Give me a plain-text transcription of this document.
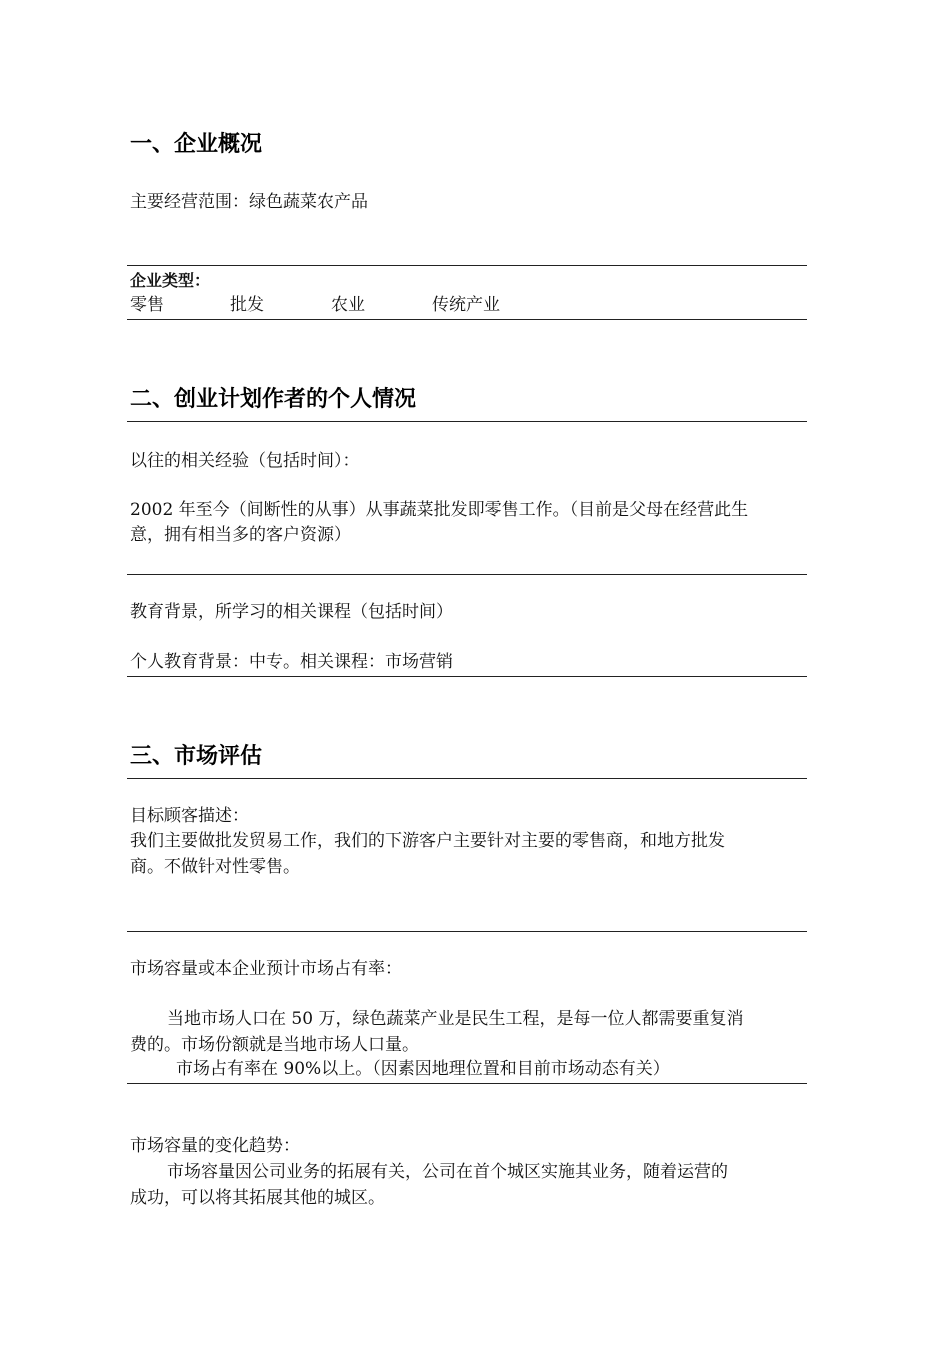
一、企业概况
主要经营范围：绿色蔬菜农产品
企业类型：
零售	批发	农业	传统产业
二、创业计划作者的个人情况
以往的相关经验（包括时间）：
2002 年至今（间断性的从事）从事蔬菜批发即零售工作。（目前是父母在经营此生
意，拥有相当多的客户资源）
教育背景，所学习的相关课程（包括时间）
个人教育背景：中专。相关课程：市场营销
三、市场评估
目标顾客描述：
我们主要做批发贸易工作，我们的下游客户主要针对主要的零售商，和地方批发
商。不做针对性零售。
市场容量或本企业预计市场占有率：
当地市场人口在 50 万，绿色蔬菜产业是民生工程，是每一位人都需要重复消
费的。市场份额就是当地市场人口量。
市场占有率在 90%以上。（因素因地理位置和目前市场动态有关）
市场容量的变化趋势：
市场容量因公司业务的拓展有关，公司在首个城区实施其业务，随着运营的
成功，可以将其拓展其他的城区。
